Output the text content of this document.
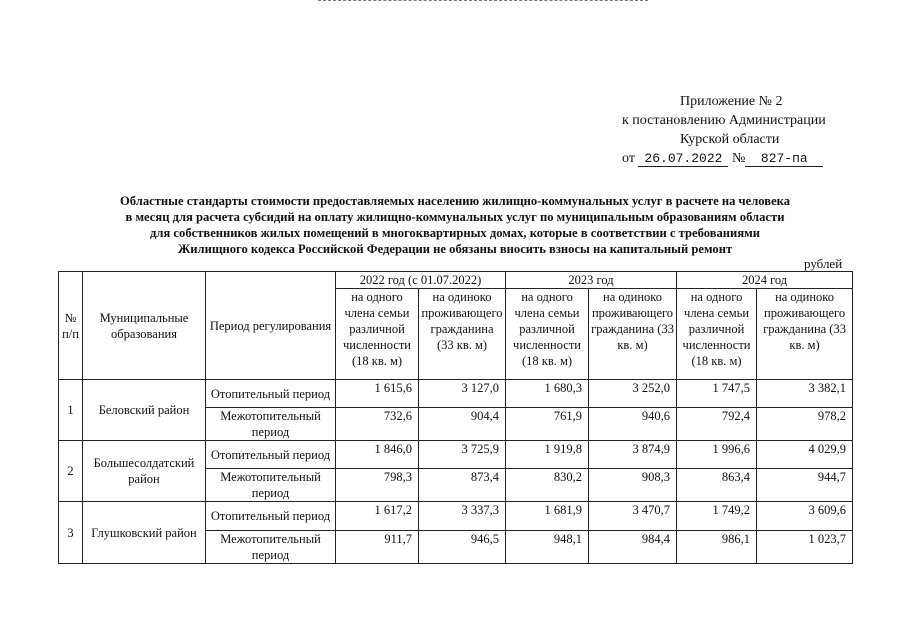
Приложение № 2
к постановлению Администрации
Курской области
от 26.07.2022 № 827-па
Областные стандарты стоимости предоставляемых населению жилищно-коммунальных услуг в расчете на человека
в месяц для расчета субсидий на оплату жилищно-коммунальных услуг по муниципальным образованиям области
для собственников жилых помещений в многоквартирных домах, которые в соответствии с требованиями
Жилищного кодекса Российской Федерации не обязаны вносить взносы на капитальный ремонт
рублей
№ п/п	Муниципальные образования	Период регулирования	2022 год (с 01.07.2022)		2023 год		2024 год	
			на одного члена семьи различной численности (18 кв. м)	на одиноко проживающего гражданина (33 кв. м)	на одного члена семьи различной численности (18 кв. м)	на одиноко проживающего гражданина (33 кв. м)	на одного члена семьи различной численности (18 кв. м)	на одиноко проживающего гражданина (33 кв. м)
1	Беловский район	Отопительный период	1 615,6	3 127,0	1 680,3	3 252,0	1 747,5	3 382,1
		Межотопительный период	732,6	904,4	761,9	940,6	792,4	978,2
2	Большесолдатский район	Отопительный период	1 846,0	3 725,9	1 919,8	3 874,9	1 996,6	4 029,9
		Межотопительный период	798,3	873,4	830,2	908,3	863,4	944,7
3	Глушковский район	Отопительный период	1 617,2	3 337,3	1 681,9	3 470,7	1 749,2	3 609,6
		Межотопительный период	911,7	946,5	948,1	984,4	986,1	1 023,7
